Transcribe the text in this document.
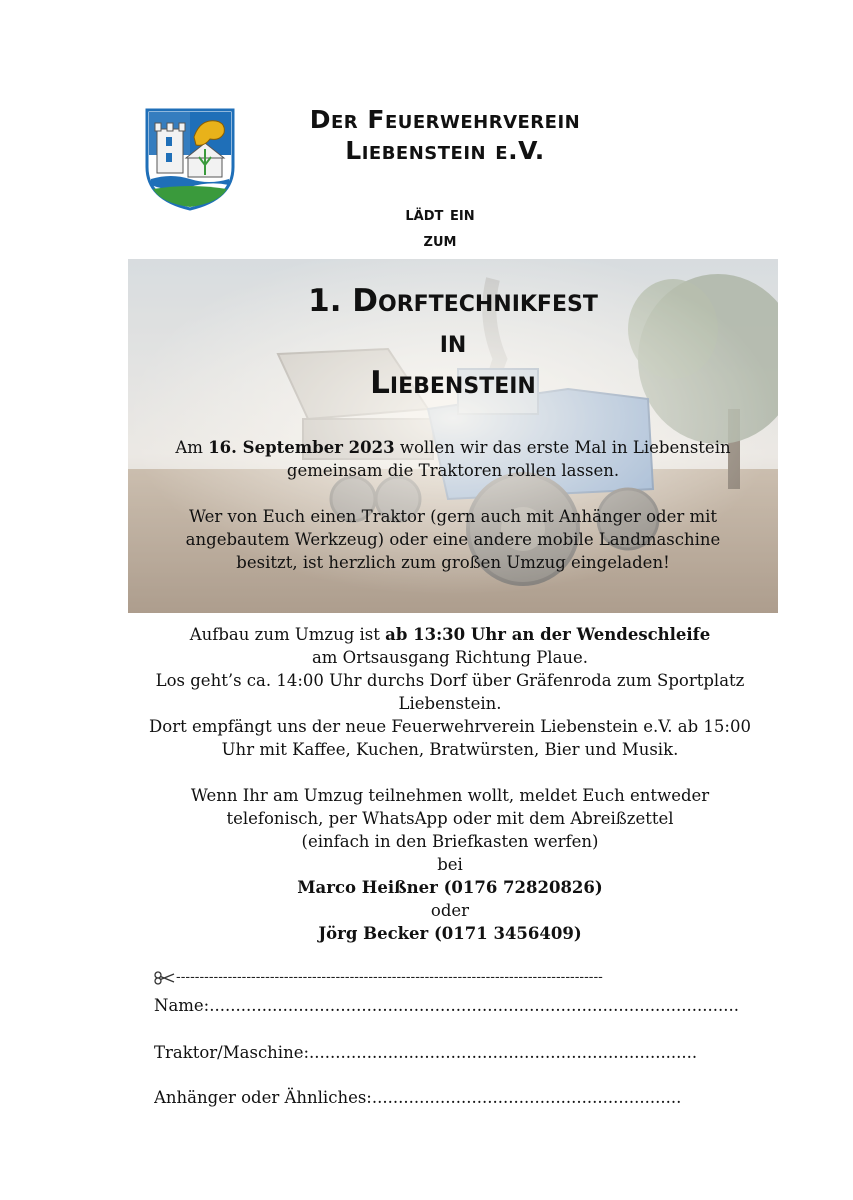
Der Feuerwehrverein
Liebenstein e.V.
lädt ein
zum
1. Dorftechnikfest
in
Liebenstein

Am 16. September 2023 wollen wir das erste Mal in Liebenstein gemeinsam die Traktoren rollen lassen.

Wer von Euch einen Traktor (gern auch mit Anhänger oder mit angebautem Werkzeug) oder eine andere mobile Landmaschine besitzt, ist herzlich zum großen Umzug eingeladen!

Aufbau zum Umzug ist ab 13:30 Uhr an der Wendeschleife

am Ortsausgang Richtung Plaue.

Los geht’s ca. 14:00 Uhr durchs Dorf über Gräfenroda zum Sportplatz Liebenstein.

Dort empfängt uns der neue Feuerwehrverein Liebenstein e.V. ab 15:00 Uhr mit Kaffee, Kuchen, Bratwürsten, Bier und Musik.

Wenn Ihr am Umzug teilnehmen wollt, meldet Euch entweder telefonisch, per WhatsApp oder mit dem Abreißzettel

(einfach in den Briefkasten werfen)

bei

Marco Heißner (0176 72820826)

oder

Jörg Becker (0171 3456409)

-------------------------------------------------------------------------------------------
Name:.....................................................................................................
Traktor/Maschine:..........................................................................
Anhänger oder Ähnliches:...........................................................
